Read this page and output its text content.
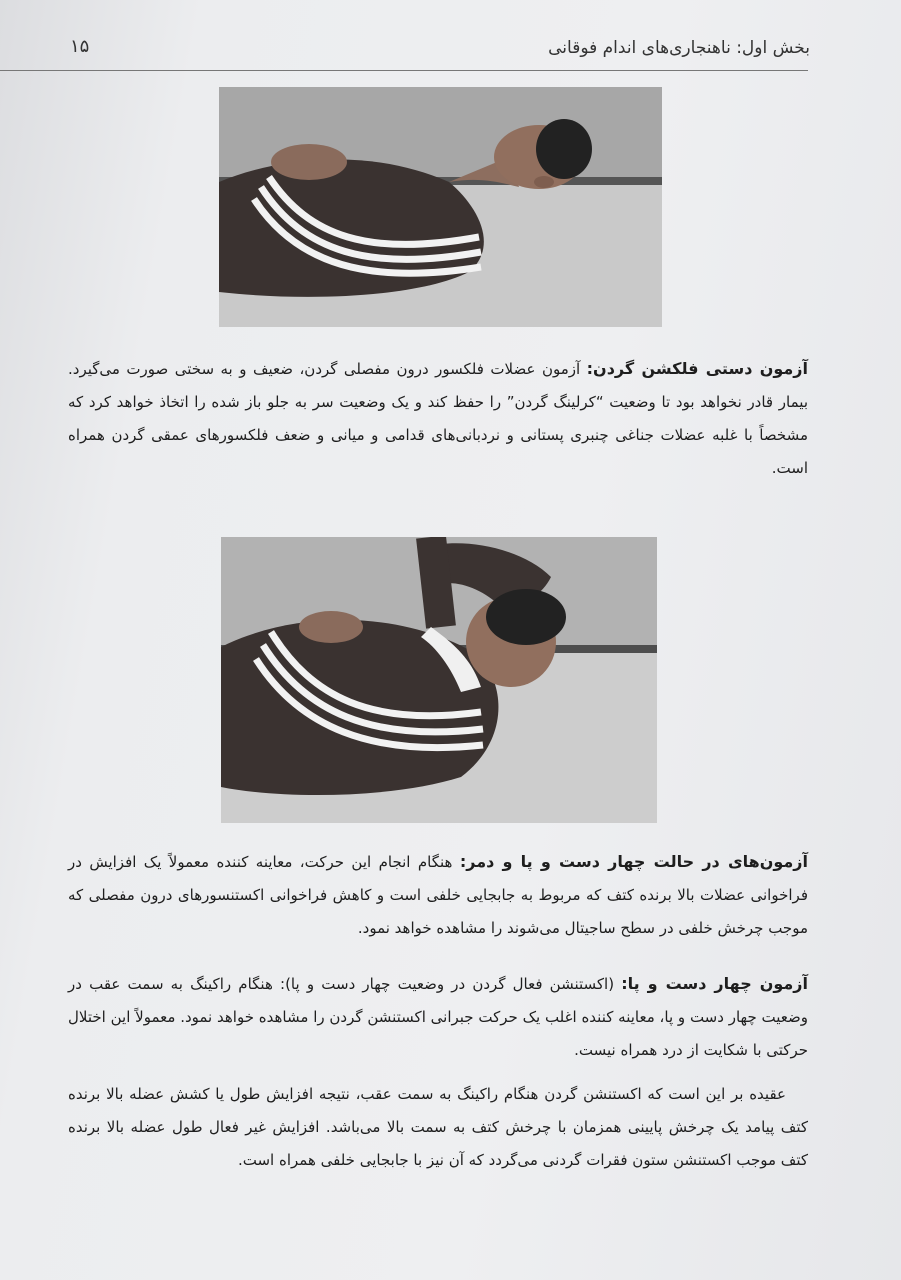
بخش اول: ناهنجاری‌های اندام فوقانی
۱۵

آزمون دستی فلکشن گردن: آزمون عضلات فلکسور درون مفصلی گردن، ضعیف و به سختی صورت می‌گیرد. بیمار قادر نخواهد بود تا وضعیت “کرلینگ گردن” را حفظ کند و یک وضعیت سر به جلو باز شده را اتخاذ خواهد کرد که مشخصاً با غلبه عضلات جناغی چنبری پستانی و نردبانی‌های قدامی و میانی و ضعف فلکسورهای عمقی گردن همراه است.

آزمون‌های در حالت چهار دست و پا و دمر: هنگام انجام این حرکت، معاینه کننده معمولاً یک افزایش در فراخوانی عضلات بالا برنده کتف که مربوط به جابجایی خلفی است و کاهش فراخوانی اکستنسورهای درون مفصلی که موجب چرخش خلفی در سطح ساجیتال می‌شوند را مشاهده خواهد نمود.

آزمون چهار دست و پا: (اکستنشن فعال گردن در وضعیت چهار دست و پا): هنگام راکینگ به سمت عقب در وضعیت چهار دست و پا، معاینه کننده اغلب یک حرکت جبرانی اکستنشن گردن را مشاهده خواهد نمود. معمولاً این اختلال حرکتی با شکایت از درد همراه نیست.

عقیده بر این است که اکستنشن گردن هنگام راکینگ به سمت عقب، نتیجه افزایش طول یا کشش عضله بالا برنده کتف پیامد یک چرخش پایینی همزمان با چرخش کتف به سمت بالا می‌باشد. افزایش غیر فعال طول عضله بالا برنده کتف موجب اکستنشن ستون فقرات گردنی می‌گردد که آن نیز با جابجایی خلفی همراه است.
